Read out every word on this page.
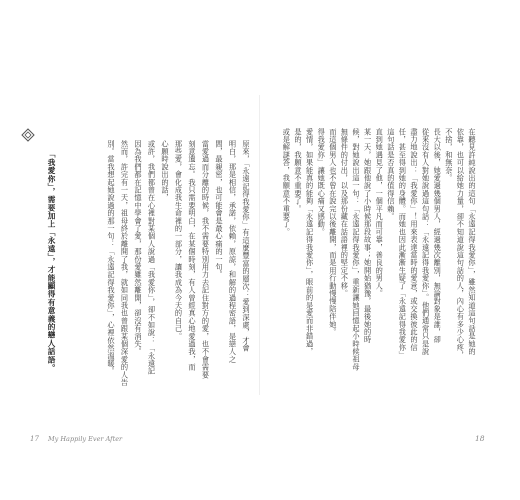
在聽見許純說出的這句「永遠記得我愛你」，雖然知道這句話是她的
依靠，也可以給她力量，卻不知道說這句話的人，內心有多少心疼，
不捨，和無奈。
長大以後，她愛過幾個男人，經過幾次離別，無論對象是誰，卻
從來沒有人對她說過這句話：「永遠記得我愛你」。他們通常只是說
盡力地說出：「我愛你」！用來表達當時的愛意，或交換彼此的信
任，甚至得到她的身體。而她也因此漸漸生疑了「永遠記得我愛你」
這句話是否真的值得信賴。
直到她遇見了他，一個平凡而可靠，善良的男人。
某一天，她跟他說了小時候那段故事；她開始猶豫，最後她的時
候，對她說出這一句：「永遠記得我愛你」，重新讓她回憶起小時候祖母
無條件的付出，以及那份藏在話語裡的堅定不移。
而這個男人也不曾在說完以後離開，而是用行動慢慢陪伴她。
得我愛你」讓她既心痛又感動。
愛情，如果能真的能夠「永遠記得我愛你」，眼前的是愛而非錯過，
是的，我願意不重要了。
或是解謎答，我願意不重要了。
原來，「永遠記得我愛你」有這麼豐富的層次：愛到深處，才會
明白，那是相信，承諾，依賴，原諒，和解的過程密語，是戀人之
間，最親密，也可能會是最心痛的一句。
當愛過而分離的時候，我不需要特別用力去記住對方的愛，也不會需要
刻意遺忘。我只需要明白，在某個時刻，有人曾經真心地愛過我，而
那些愛，會化成我生命裡的一部分，讓我成為今天的自己。
心願時說出的話，
或許，我們都曾在心裡對某個人說過「我愛你」，卻不如說：「永遠記
因為我們都在記憶中學會了愛，那份愛雖然離開，卻沒有消失。
然而，許完有一天，祖母終於離開了我，就如同我也曾跟某個深愛的人告
別。當我想起她說過的那一句：「永遠記得我愛你」，心裡依然溫暖。
「我愛你」，需要加上「永遠」，才能顯得有意義的戀人話語。
17 My Happily Ever After	18
